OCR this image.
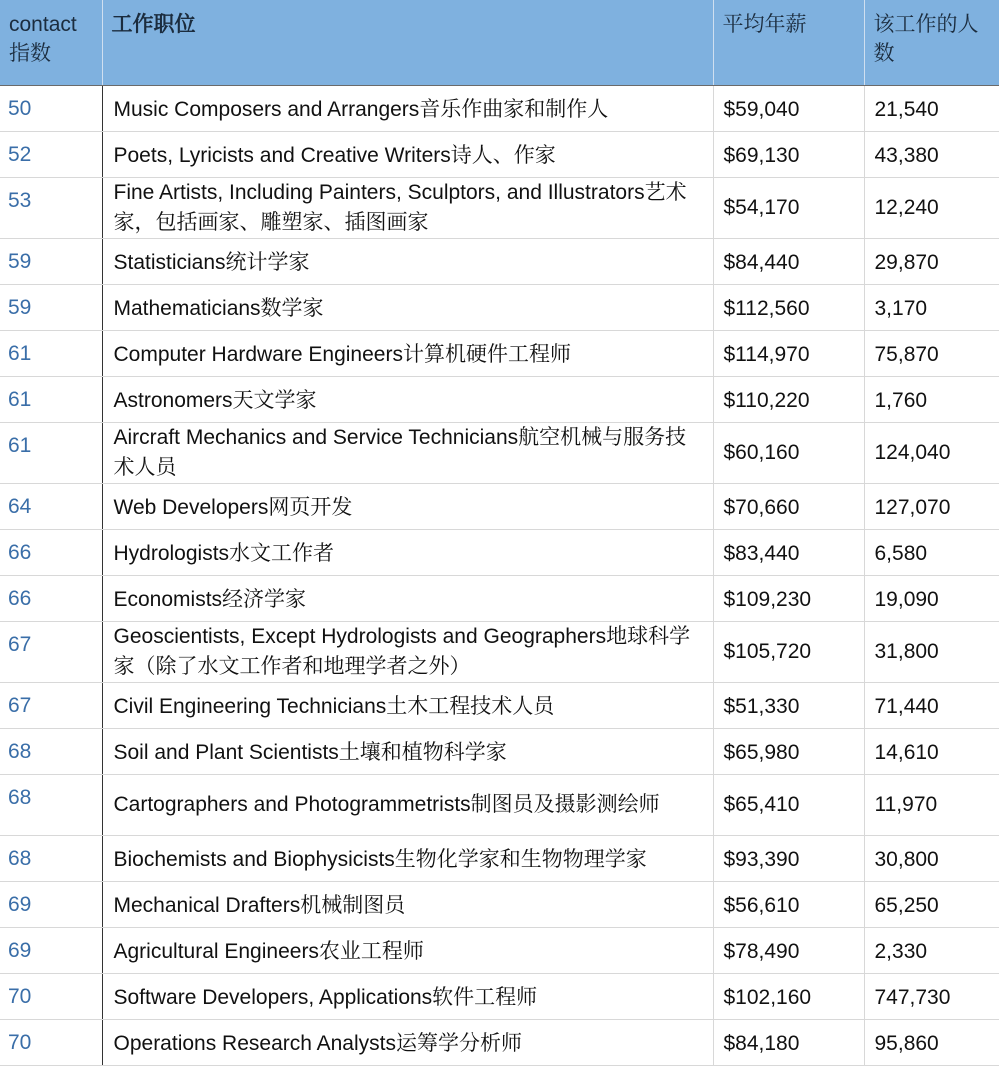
contact指数	工作职位	平均年薪	该工作的人数
50	Music Composers and Arrangers音乐作曲家和制作人	$59,040	21,540
52	Poets, Lyricists and Creative Writers诗人、作家	$69,130	43,380
53	Fine Artists, Including Painters, Sculptors, and Illustrators艺术家，包括画家、雕塑家、插图画家	$54,170	12,240
59	Statisticians统计学家	$84,440	29,870
59	Mathematicians数学家	$112,560	3,170
61	Computer Hardware Engineers计算机硬件工程师	$114,970	75,870
61	Astronomers天文学家	$110,220	1,760
61	Aircraft Mechanics and Service Technicians航空机械与服务技术人员	$60,160	124,040
64	Web Developers网页开发	$70,660	127,070
66	Hydrologists水文工作者	$83,440	6,580
66	Economists经济学家	$109,230	19,090
67	Geoscientists, Except Hydrologists and Geographers地球科学家（除了水文工作者和地理学者之外）	$105,720	31,800
67	Civil Engineering Technicians土木工程技术人员	$51,330	71,440
68	Soil and Plant Scientists土壤和植物科学家	$65,980	14,610
68	Cartographers and Photogrammetrists制图员及摄影测绘师	$65,410	11,970
68	Biochemists and Biophysicists生物化学家和生物物理学家	$93,390	30,800
69	Mechanical Drafters机械制图员	$56,610	65,250
69	Agricultural Engineers农业工程师	$78,490	2,330
70	Software Developers, Applications软件工程师	$102,160	747,730
70	Operations Research Analysts运筹学分析师	$84,180	95,860
